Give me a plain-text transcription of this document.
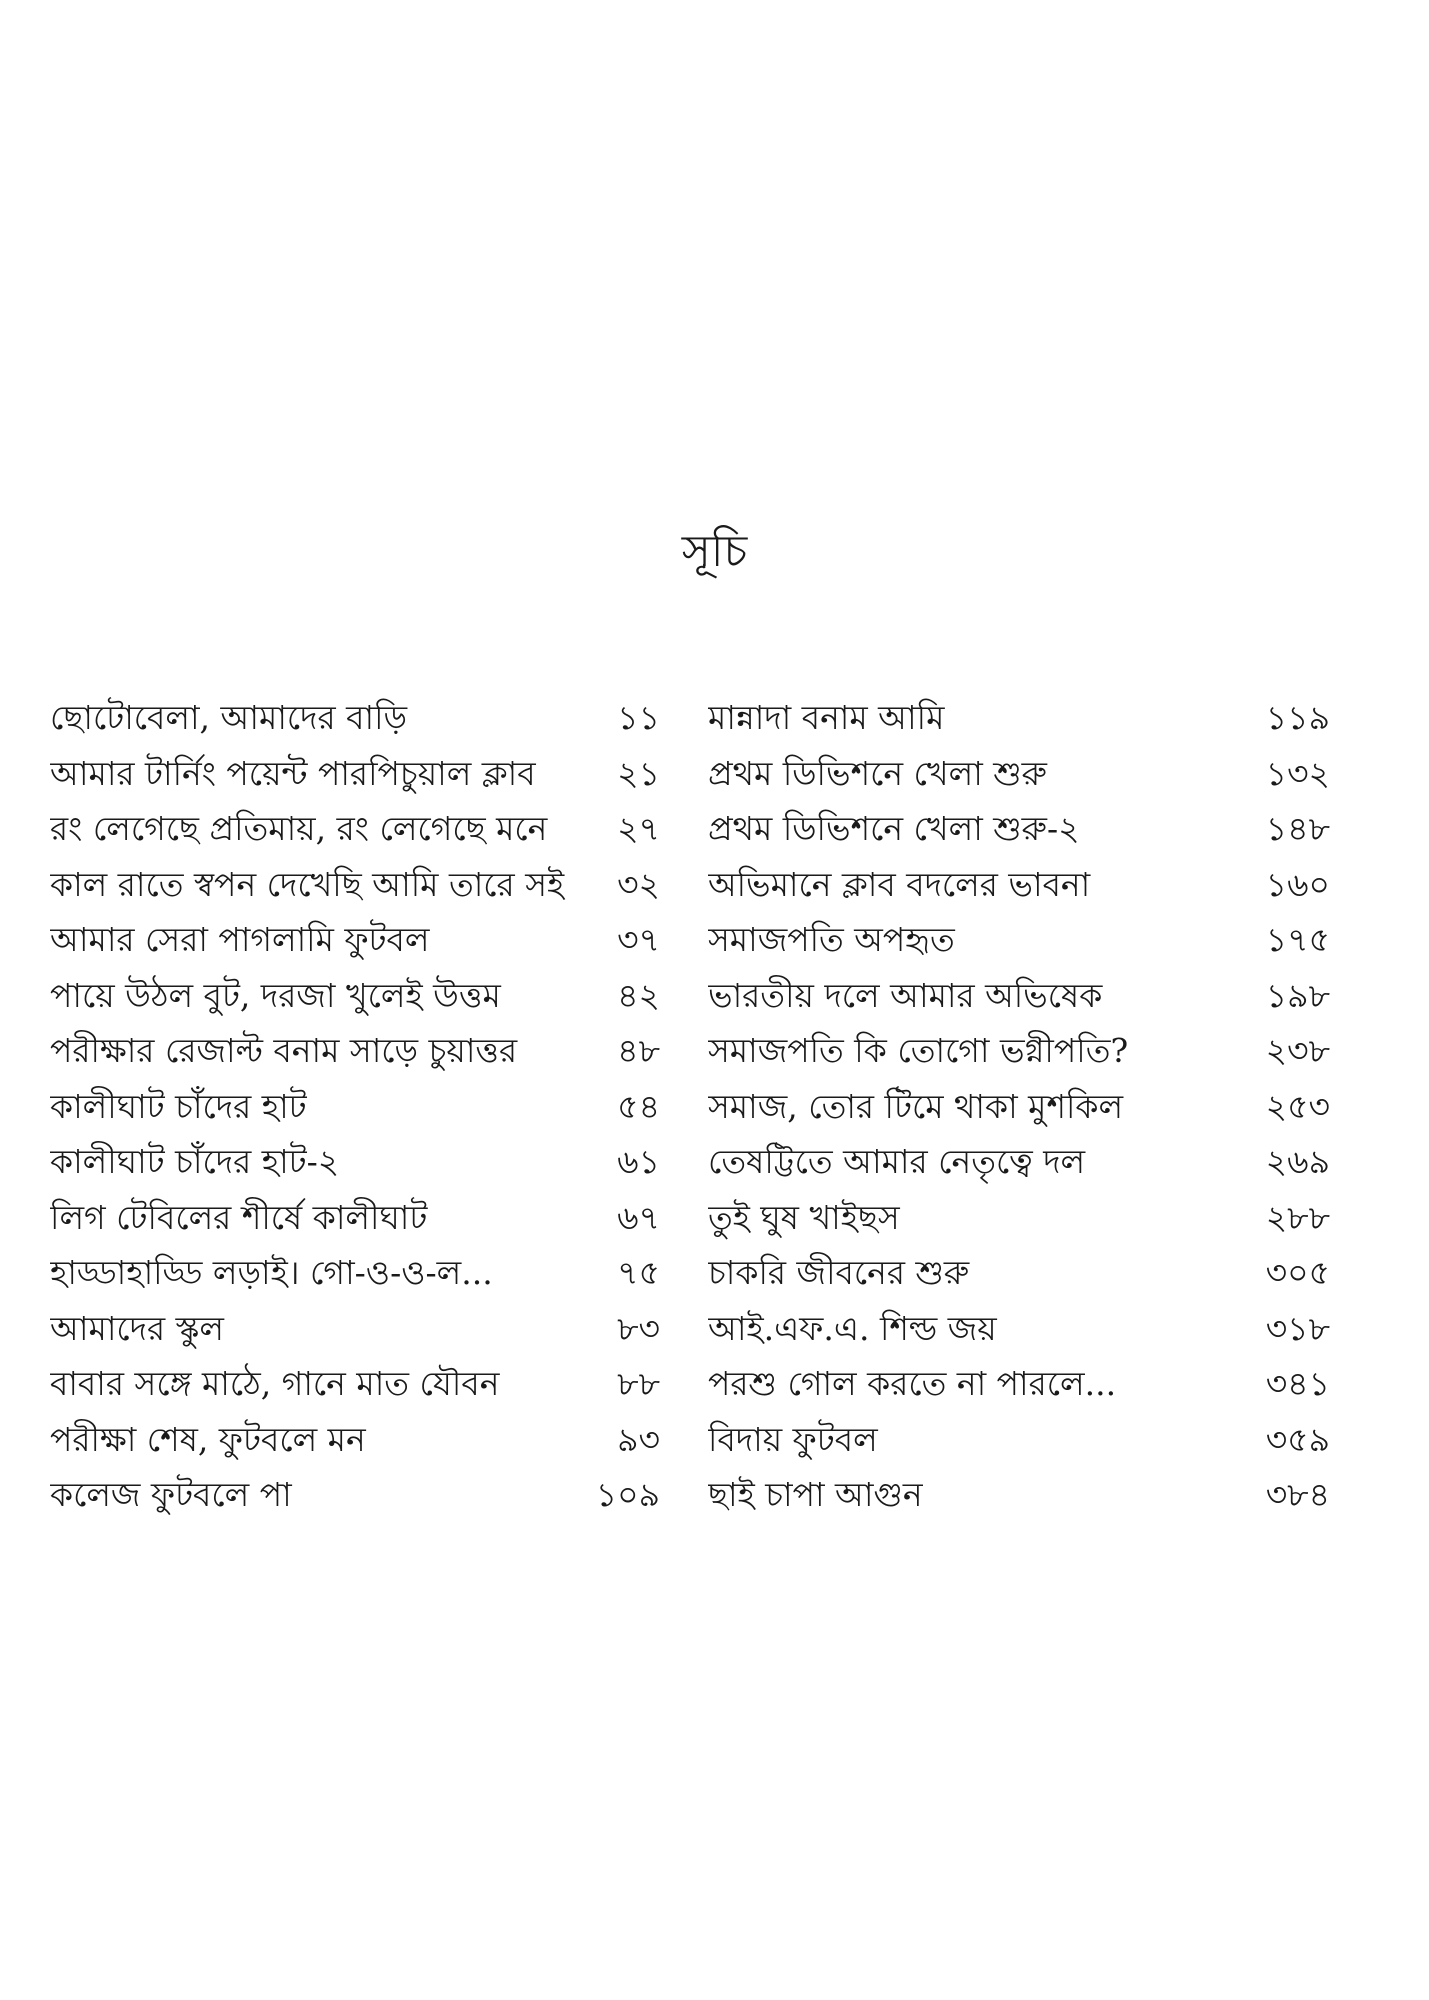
সূচি
ছোটোবেলা, আমাদের বাড়ি	১১
আমার টার্নিং পয়েন্ট পারপিচুয়াল ক্লাব	২১
রং লেগেছে প্রতিমায়, রং লেগেছে মনে	২৭
কাল রাতে স্বপন দেখেছি আমি তারে সই	৩২
আমার সেরা পাগলামি ফুটবল	৩৭
পায়ে উঠল বুট, দরজা খুলেই উত্তম	৪২
পরীক্ষার রেজাল্ট বনাম সাড়ে চুয়াত্তর	৪৮
কালীঘাট চাঁদের হাট	৫৪
কালীঘাট চাঁদের হাট-২	৬১
লিগ টেবিলের শীর্ষে কালীঘাট	৬৭
হাড্ডাহাড্ডি লড়াই। গো-ও-ও-ল...	৭৫
আমাদের স্কুল	৮৩
বাবার সঙ্গে মাঠে, গানে মাত যৌবন	৮৮
পরীক্ষা শেষ, ফুটবলে মন	৯৩
কলেজ ফুটবলে পা	১০৯
মান্নাদা বনাম আমি	১১৯
প্রথম ডিভিশনে খেলা শুরু	১৩২
প্রথম ডিভিশনে খেলা শুরু-২	১৪৮
অভিমানে ক্লাব বদলের ভাবনা	১৬০
সমাজপতি অপহৃত	১৭৫
ভারতীয় দলে আমার অভিষেক	১৯৮
সমাজপতি কি তোগো ভগ্নীপতি?	২৩৮
সমাজ, তোর টিমে থাকা মুশকিল	২৫৩
তেষট্টিতে আমার নেতৃত্বে দল	২৬৯
তুই ঘুষ খাইছস	২৮৮
চাকরি জীবনের শুরু	৩০৫
আই.এফ.এ. শিল্ড জয়	৩১৮
পরশু গোল করতে না পারলে...	৩৪১
বিদায় ফুটবল	৩৫৯
ছাই চাপা আগুন	৩৮৪
